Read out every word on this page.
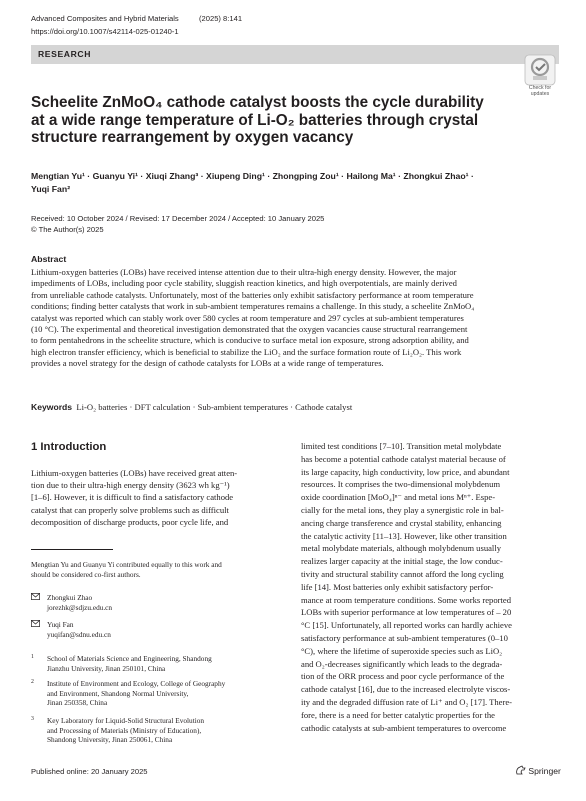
Advanced Composites and Hybrid Materials	(2025) 8:141
https://doi.org/10.1007/s42114-025-01240-1
RESEARCH
Check for
updates
Scheelite ZnMoO₄ cathode catalyst boosts the cycle durability
at a wide range temperature of Li-O₂ batteries through crystal
structure rearrangement by oxygen vacancy
Mengtian Yu¹ · Guanyu Yi¹ · Xiuqi Zhang³ · Xiupeng Ding¹ · Zhongping Zou¹ · Hailong Ma¹ · Zhongkui Zhao¹ ·
Yuqi Fan²
Received: 10 October 2024 / Revised: 17 December 2024 / Accepted: 10 January 2025
© The Author(s) 2025
Abstract
Lithium-oxygen batteries (LOBs) have received intense attention due to their ultra-high energy density. However, the major
impediments of LOBs, including poor cycle stability, sluggish reaction kinetics, and high overpotentials, are mainly derived
from unreliable cathode catalysts. Unfortunately, most of the batteries only exhibit satisfactory performance at room temperature
conditions; finding better catalysts that work in sub-ambient temperatures remains a challenge. In this study, a scheelite ZnMoO₄
catalyst was reported which can stably work over 580 cycles at room temperature and 297 cycles at sub-ambient temperatures
(10 °C). The experimental and theoretical investigation demonstrated that the oxygen vacancies cause structural rearrangement
to form pentahedrons in the scheelite structure, which is conducive to surface metal ion exposure, strong adsorption ability, and
high electron transfer efficiency, which is beneficial to stabilize the LiO₂ and the surface formation route of Li₂O₂. This work
provides a novel strategy for the design of cathode catalysts for LOBs at a wide range of temperatures.
Keywords Li-O₂ batteries · DFT calculation · Sub-ambient temperatures · Cathode catalyst
1 Introduction
Lithium-oxygen batteries (LOBs) have received great atten-
tion due to their ultra-high energy density (3623 wh kg⁻¹)
[1–6]. However, it is difficult to find a satisfactory cathode
catalyst that can properly solve problems such as difficult
decomposition of discharge products, poor cycle life, and
Mengtian Yu and Guanyu Yi contributed equally to this work and
should be considered co-first authors.
Zhongkui Zhao
jorezhk@sdjzu.edu.cn
Yuqi Fan
yuqifan@sdnu.edu.cn
1 School of Materials Science and Engineering, Shandong
Jianzhu University, Jinan 250101, China
2 Institute of Environment and Ecology, College of Geography
and Environment, Shandong Normal University,
Jinan 250358, China
3 Key Laboratory for Liquid-Solid Structural Evolution
and Processing of Materials (Ministry of Education),
Shandong University, Jinan 250061, China
limited test conditions [7–10]. Transition metal molybdate
has become a potential cathode catalyst material because of
its large capacity, high conductivity, low price, and abundant
resources. It comprises the two-dimensional molybdenum
oxide coordination [MoO₄]ⁿ⁻ and metal ions Mⁿ⁺. Espe-
cially for the metal ions, they play a synergistic role in bal-
ancing charge transference and crystal stability, enhancing
the catalytic activity [11–13]. However, like other transition
metal molybdate materials, although molybdenum usually
realizes larger capacity at the initial stage, the low conduc-
tivity and structural stability cannot afford the long cycling
life [14]. Most batteries only exhibit satisfactory perfor-
mance at room temperature conditions. Some works reported
LOBs with superior performance at low temperatures of – 20
°C [15]. Unfortunately, all reported works can hardly achieve
satisfactory performance at sub-ambient temperatures (0–10
°C), where the lifetime of superoxide species such as LiO₂
and O₂-decreases significantly which leads to the degrada-
tion of the ORR process and poor cycle performance of the
cathode catalyst [16], due to the increased electrolyte viscos-
ity and the degraded diffusion rate of Li⁺ and O₂ [17]. There-
fore, there is a need for better catalytic properties for the
cathodic catalysts at sub-ambient temperatures to overcome
Published online: 20 January 2025	Springer
